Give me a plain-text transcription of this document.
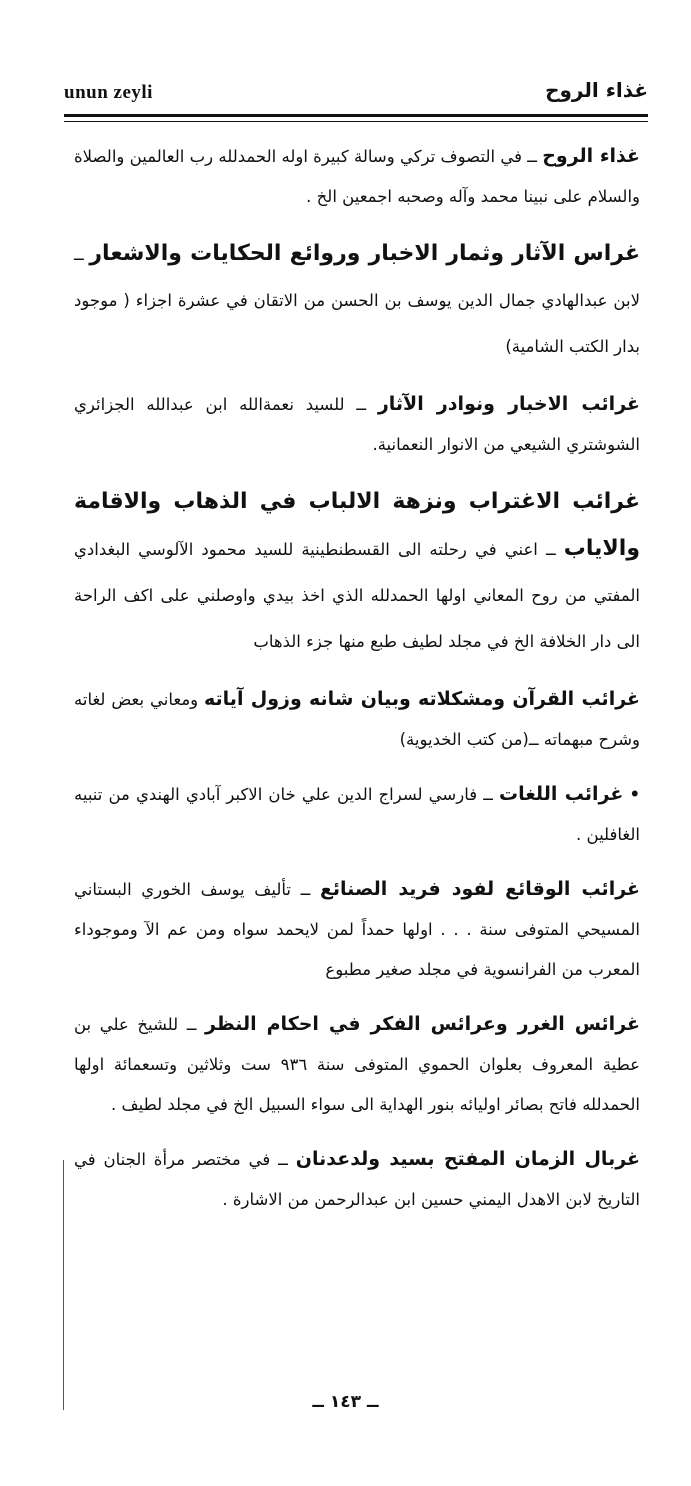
unun zeyli	غذاء الروح

غذاء الروح ــ في التصوف تركي وسالة كبيرة اوله الحمدلله رب العالمين والصلاة والسلام على نبينا محمد وآله وصحبه اجمعين الخ .

غراس الآثار وثمار الاخبار وروائع الحكايات والاشعار ــ لابن عبدالهادي جمال الدين يوسف بن الحسن من الاتقان في عشرة اجزاء ( موجود بدار الكتب الشامية)

غرائب الاخبار ونوادر الآثار ــ للسيد نعمةالله ابن عبدالله الجزائري الشوشتري الشيعي من الانوار النعمانية.

غرائب الاغتراب ونزهة الالباب في الذهاب والاقامة والاياب ــ اعني في رحلته الى القسطنطينية للسيد محمود الآلوسي البغدادي المفتي من روح المعاني اولها الحمدلله الذي اخذ بيدي واوصلني على اكف الراحة الى دار الخلافة الخ في مجلد لطيف طبع منها جزء الذهاب

غرائب القرآن ومشكلاته وبيان شانه وزول آياته ومعاني بعض لغاته وشرح مبهماته ــ(من كتب الخديوية)

• غرائب اللغات ــ فارسي لسراج الدين علي خان الاكبر آبادي الهندي من تنبيه الغافلين .

غرائب الوقائع لفود فريد الصنائع ــ تأليف يوسف الخوري البستاني المسيحي المتوفى سنة . . . اولها حمداً لمن لايحمد سواه ومن عم الآ وموجوداء المعرب من الفرانسوية في مجلد صغير مطبوع

غرائس الغرر وعرائس الفكر في احكام النظر ــ للشيخ علي بن عطية المعروف بعلوان الحموي المتوفى سنة ٩٣٦ ست وثلاثين وتسعمائة اولها الحمدلله فاتح بصائر اوليائه بنور الهداية الى سواء السبيل الخ في مجلد لطيف .

غربال الزمان المفتح بسيد ولدعدنان ــ في مختصر مرأة الجنان في التاريخ لابن الاهدل اليمني حسين ابن عبدالرحمن من الاشارة .

ــ ١٤٣ ــ
